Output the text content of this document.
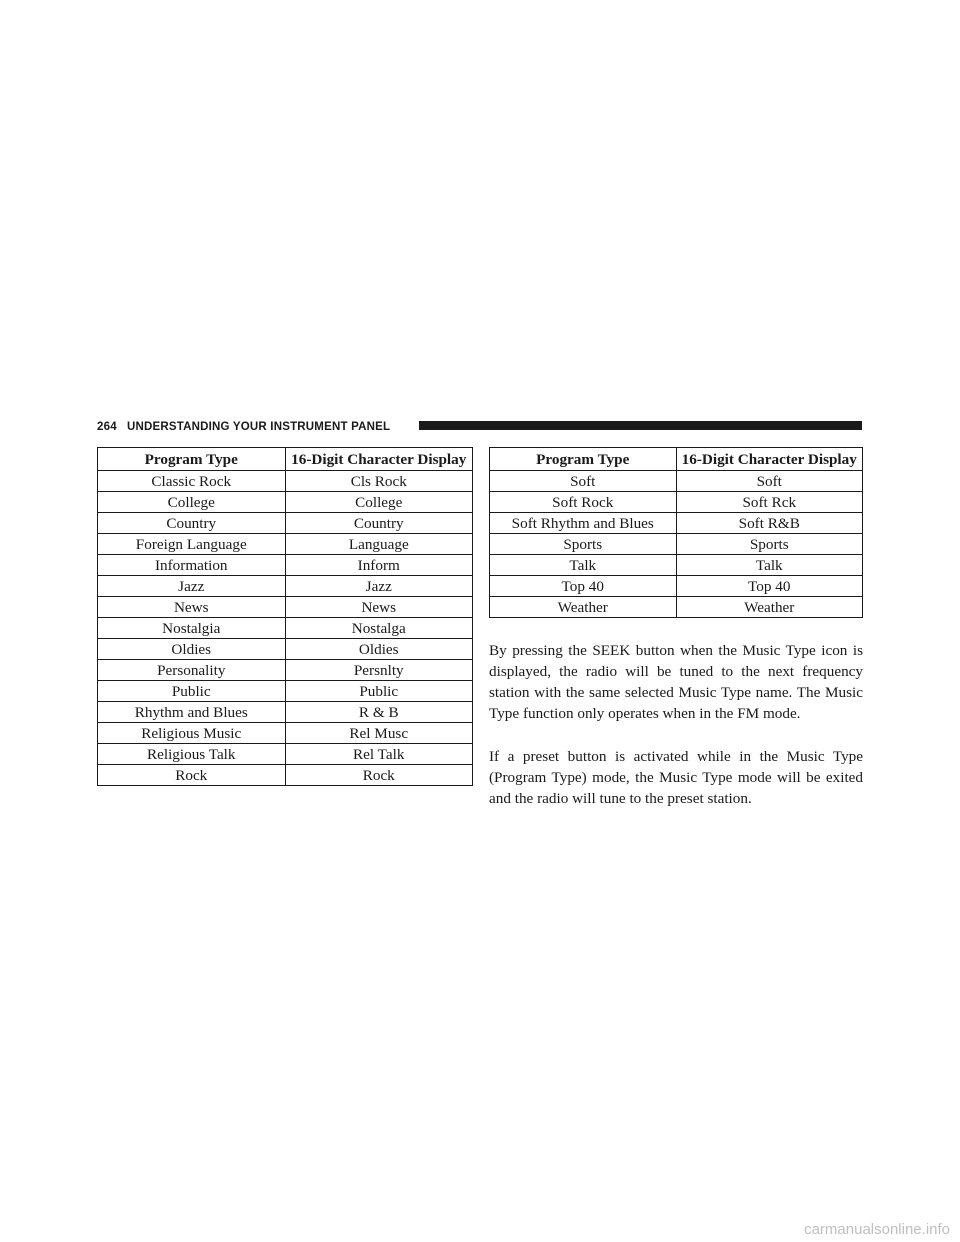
264 UNDERSTANDING YOUR INSTRUMENT PANEL
Program Type	16-Digit Character Display
Classic Rock	Cls Rock
College	College
Country	Country
Foreign Language	Language
Information	Inform
Jazz	Jazz
News	News
Nostalgia	Nostalga
Oldies	Oldies
Personality	Persnlty
Public	Public
Rhythm and Blues	R & B
Religious Music	Rel Musc
Religious Talk	Rel Talk
Rock	Rock
Program Type	16-Digit Character Display
Soft	Soft
Soft Rock	Soft Rck
Soft Rhythm and Blues	Soft R&B
Sports	Sports
Talk	Talk
Top 40	Top 40
Weather	Weather

By pressing the SEEK button when the Music Type icon is displayed, the radio will be tuned to the next frequency station with the same selected Music Type name. The Music Type function only operates when in the FM mode.

If a preset button is activated while in the Music Type (Program Type) mode, the Music Type mode will be exited and the radio will tune to the preset station.

carmanualsonline.info
